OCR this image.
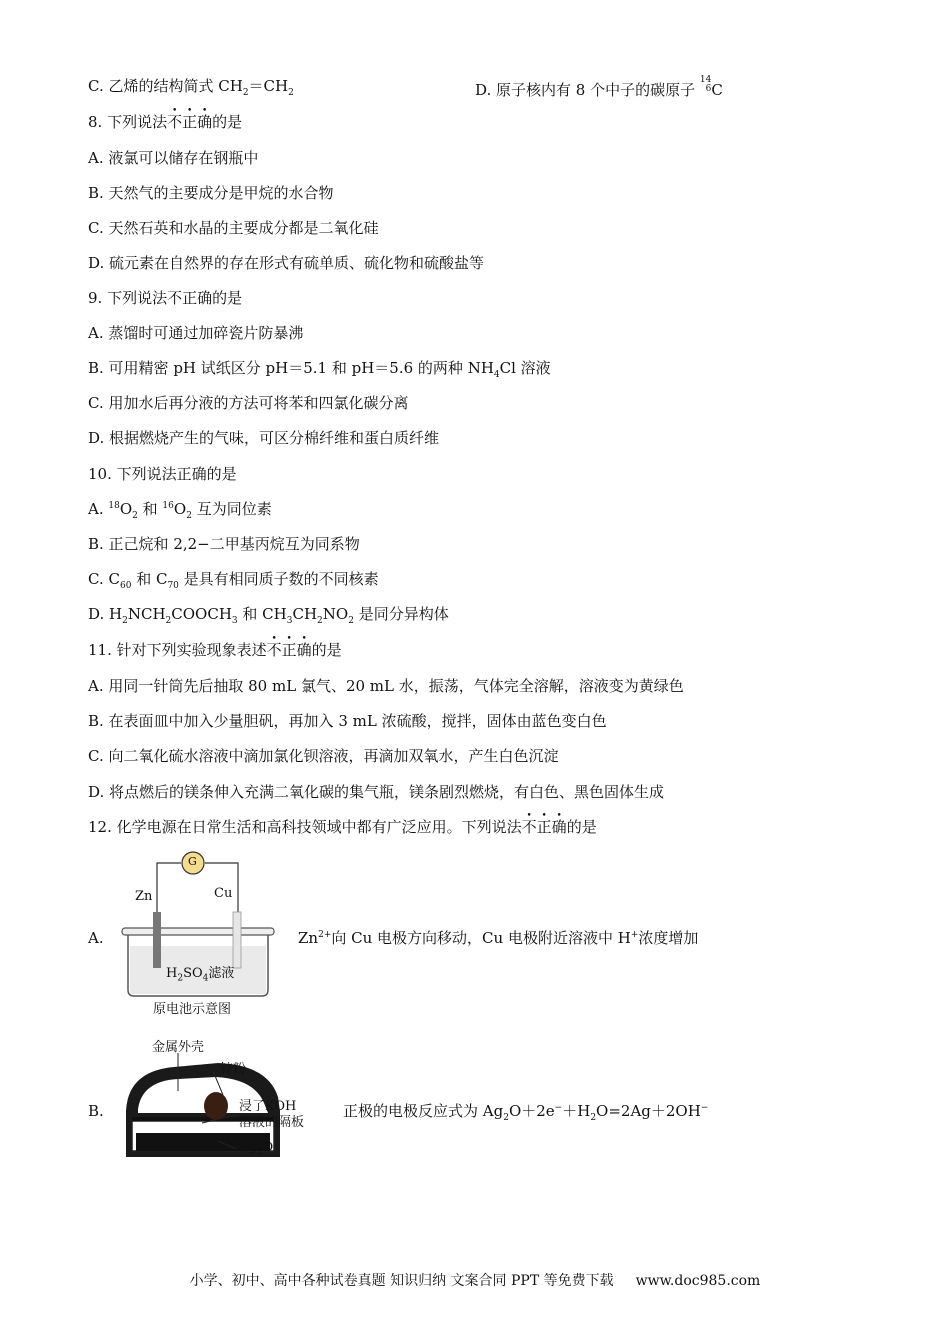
C. 乙烯的结构简式 $CH_2=CH_2$	D. 原子核内有 8 个中子的碳原子
14
6 C
8. 下列说法不正确的是
A. 液氯可以储存在钢瓶中
B. 天然气的主要成分是甲烷的水合物
C. 天然石英和水晶的主要成分都是二氧化硅
D. 硫元素在自然界的存在形式有硫单质、硫化物和硫酸盐等
9. 下列说法不正确的是
A. 蒸馏时可通过加碎瓷片防暴沸
B. 可用精密 pH 试纸区分 pH＝5.1 和 pH＝5.6 的两种 $NH_4Cl$ 溶液
C. 用加水后再分液的方法可将苯和四氯化碳分离
D. 根据燃烧产生的气味，可区分棉纤维和蛋白质纤维
10. 下列说法正确的是
A. $^{18}O_2$ 和 $^{16}O_2$ 互为同位素
B. 正己烷和 2,2−二甲基丙烷互为同系物
C. $C_{60}$ 和 $C_{70}$ 是具有相同质子数的不同核素
D. $H_2NCH_2COOCH_3$ 和 $CH_3CH_2NO_2$ 是同分异构体
11. 针对下列实验现象表述不正确的是
A. 用同一针筒先后抽取 80 mL 氯气、20 mL 水，振荡，气体完全溶解，溶液变为黄绿色
B. 在表面皿中加入少量胆矾，再加入 3 mL 浓硫酸，搅拌，固体由蓝色变白色
C. 向二氧化硫水溶液中滴加氯化钡溶液，再滴加双氧水，产生白色沉淀
D. 将点燃后的镁条伸入充满二氧化碳的集气瓶，镁条剧烈燃烧，有白色、黑色固体生成
12. 化学电源在日常生活和高科技领域中都有广泛应用。下列说法不正确的是
A.
Zn	Cu
G
$H_2SO_4$滤液
原电池示意图
$Zn^{2+}$向 Cu 电极方向移动，Cu 电极附近溶液中 H+浓度增加
B.
金属外壳
锌粉
浸了KOH
溶液的隔板
$Ag_2O$
正极的电极反应式为 $Ag_2O+2e^-+H_2O=2Ag+2OH^-$
小学、初中、高中各种试卷真题 知识归纳 文案合同 PPT 等免费下载 www.doc985.com
